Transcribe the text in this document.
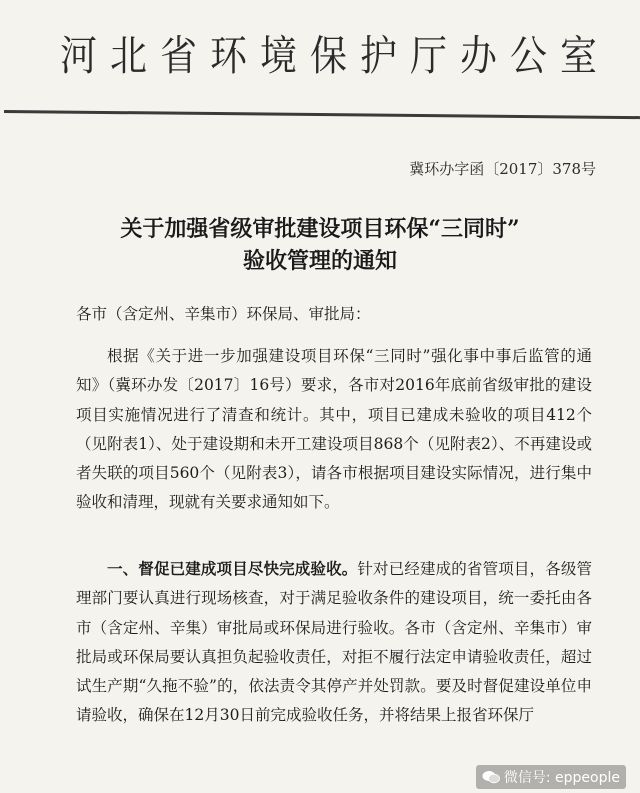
河北省环境保护厅办公室
冀环办字函〔2017〕378号
关于加强省级审批建设项目环保“三同时”
验收管理的通知
各市（含定州、辛集市）环保局、审批局：

根据《关于进一步加强建设项目环保“三同时”强化事中事后监管的通知》（冀环办发〔2017〕16号）要求，各市对2016年底前省级审批的建设项目实施情况进行了清查和统计。其中，项目已建成未验收的项目412个（见附表1）、处于建设期和未开工建设项目868个（见附表2）、不再建设或者失联的项目560个（见附表3），请各市根据项目建设实际情况，进行集中验收和清理，现就有关要求通知如下。

一、督促已建成项目尽快完成验收。针对已经建成的省管项目，各级管理部门要认真进行现场核查，对于满足验收条件的建设项目，统一委托由各市（含定州、辛集）审批局或环保局进行验收。各市（含定州、辛集市）审批局或环保局要认真担负起验收责任，对拒不履行法定申请验收责任，超过试生产期“久拖不验”的，依法责令其停产并处罚款。要及时督促建设单位申请验收，确保在12月30日前完成验收任务，并将结果上报省环保厅

微信号: eppeople
